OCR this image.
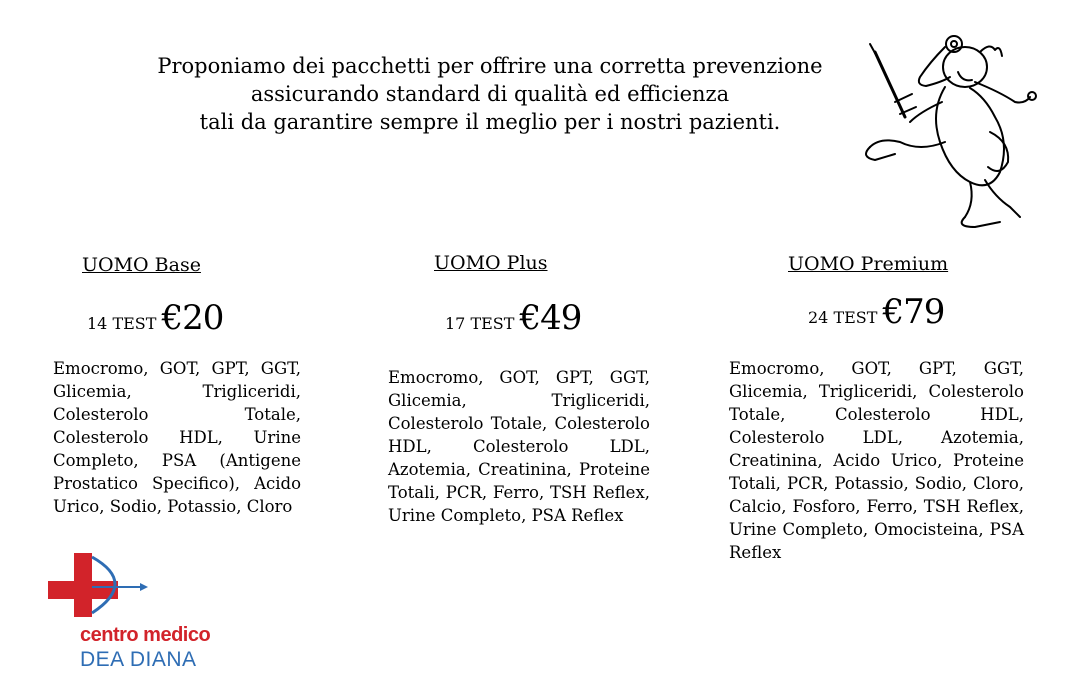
Proponiamo dei pacchetti per offrire una corretta prevenzione
assicurando standard di qualità ed efficienza
tali da garantire sempre il meglio per i nostri pazienti.
UOMO Base
14 TEST €20
Emocromo, GOT, GPT, GGT, Glicemia, Trigliceridi, Colesterolo Totale, Colesterolo HDL, Urine Completo, PSA (Antigene Prostatico Specifico), Acido Urico, Sodio, Potassio, Cloro
UOMO Plus
17 TEST €49
Emocromo, GOT, GPT, GGT, Glicemia, Trigliceridi, Colesterolo Totale, Colesterolo HDL, Colesterolo LDL, Azotemia, Creatinina, Proteine Totali, PCR, Ferro, TSH Reflex, Urine Completo, PSA Reflex
UOMO Premium
24 TEST €79
Emocromo, GOT, GPT, GGT, Glicemia, Trigliceridi, Colesterolo Totale, Colesterolo HDL, Colesterolo LDL, Azotemia, Creatinina, Acido Urico, Proteine Totali, PCR, Potassio, Sodio, Cloro, Calcio, Fosforo, Ferro, TSH Reflex, Urine Completo, Omocisteina, PSA Reflex
centro medico
DEA DIANA
